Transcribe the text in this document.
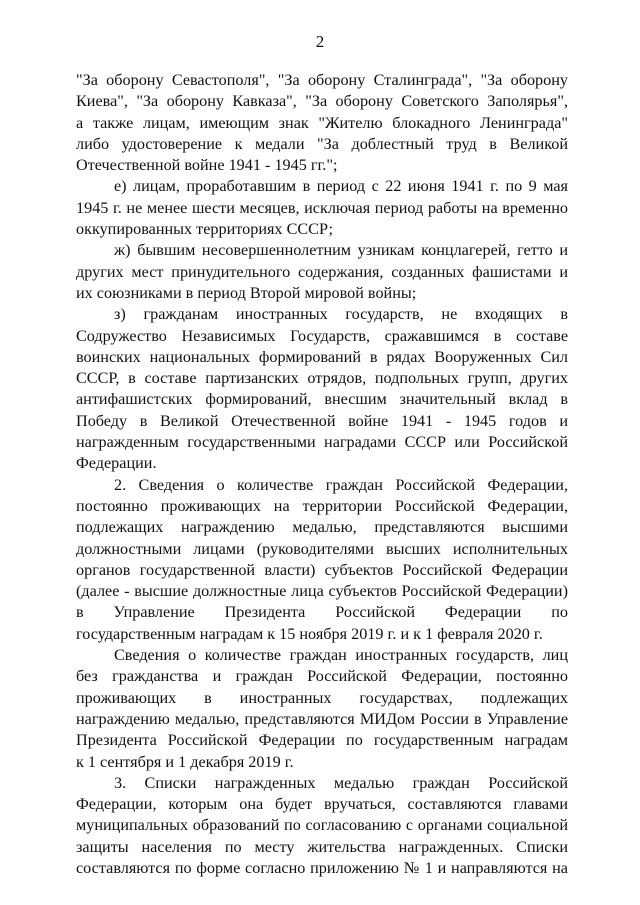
2
"За оборону Севастополя", "За оборону Сталинграда", "За оборону
Киева", "За оборону Кавказа", "За оборону Советского Заполярья",
а также лицам, имеющим знак "Жителю блокадного Ленинграда"
либо удостоверение к медали "За доблестный труд в Великой
Отечественной войне 1941 - 1945 гг.";
е) лицам, проработавшим в период с 22 июня 1941 г. по 9 мая
1945 г. не менее шести месяцев, исключая период работы на временно
оккупированных территориях СССР;
ж) бывшим несовершеннолетним узникам концлагерей, гетто и
других мест принудительного содержания, созданных фашистами и
их союзниками в период Второй мировой войны;
з) гражданам иностранных государств, не входящих в
Содружество Независимых Государств, сражавшимся в составе
воинских национальных формирований в рядах Вооруженных Сил
СССР, в составе партизанских отрядов, подпольных групп, других
антифашистских формирований, внесшим значительный вклад в
Победу в Великой Отечественной войне 1941 - 1945 годов и
награжденным государственными наградами СССР или Российской
Федерации.
2. Сведения о количестве граждан Российской Федерации,
постоянно проживающих на территории Российской Федерации,
подлежащих награждению медалью, представляются высшими
должностными лицами (руководителями высших исполнительных
органов государственной власти) субъектов Российской Федерации
(далее - высшие должностные лица субъектов Российской Федерации)
в Управление Президента Российской Федерации по
государственным наградам к 15 ноября 2019 г. и к 1 февраля 2020 г.
Сведения о количестве граждан иностранных государств, лиц
без гражданства и граждан Российской Федерации, постоянно
проживающих в иностранных государствах, подлежащих
награждению медалью, представляются МИДом России в Управление
Президента Российской Федерации по государственным наградам
к 1 сентября и 1 декабря 2019 г.
3. Списки награжденных медалью граждан Российской
Федерации, которым она будет вручаться, составляются главами
муниципальных образований по согласованию с органами социальной
защиты населения по месту жительства награжденных. Списки
составляются по форме согласно приложению № 1 и направляются на
